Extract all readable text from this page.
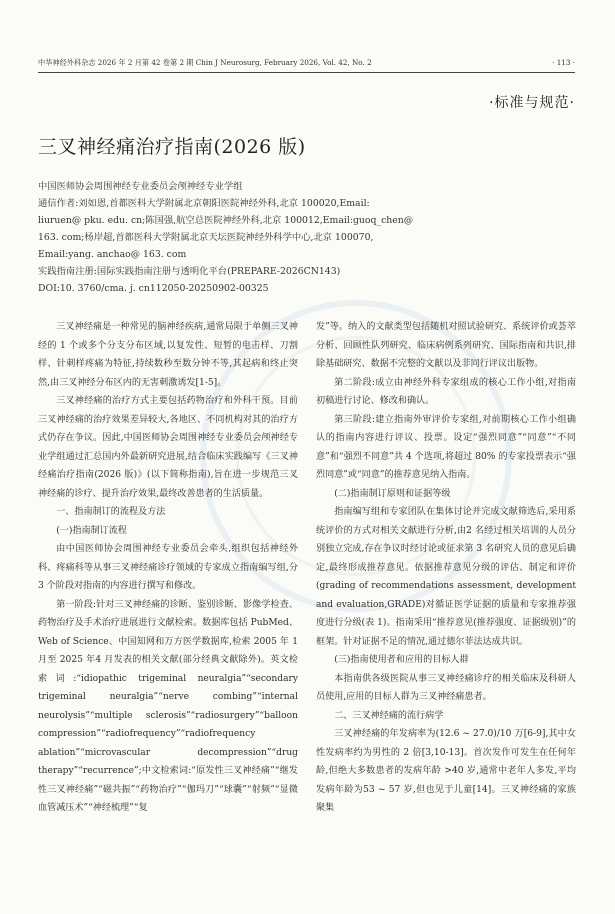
中华神经外科杂志 2026 年 2 月第 42 卷第 2 期 Chin J Neurosurg, February 2026, Vol. 42, No. 2	· 113 ·
·标准与规范·
三叉神经痛治疗指南(2026 版)
中国医师协会周围神经专业委员会颅神经专业学组
通信作者:刘如恩,首都医科大学附属北京朝阳医院神经外科,北京 100020,Email:
liuruen@ pku. edu. cn;陈国强,航空总医院神经外科,北京 100012,Email:guoq_chen@
163. com;杨岸超,首都医科大学附属北京天坛医院神经外科学中心,北京 100070,
Email:yang. anchao@ 163. com
实践指南注册:国际实践指南注册与透明化平台(PREPARE-2026CN143)
DOI:10. 3760/cma. j. cn112050-20250902-00325

三叉神经痛是一种常见的脑神经疾病,通常局限于单侧三叉神经的 1 个或多个分支分布区域,以复发性、短暂的电击样、刀割样、针刺样疼痛为特征,持续数秒至数分钟不等,其起病和终止突然,由三叉神经分布区内的无害刺激诱发[1-5]。

三叉神经痛的治疗方式主要包括药物治疗和外科干预。目前三叉神经痛的治疗效果差异较大,各地区、不同机构对其的治疗方式仍存在争议。因此,中国医师协会周围神经专业委员会颅神经专业学组通过汇总国内外最新研究进展,结合临床实践编写《三叉神经痛治疗指南(2026 版)》(以下简称指南),旨在进一步规范三叉神经痛的诊疗、提升治疗效果,最终改善患者的生活质量。

一、指南制订的流程及方法

(一)指南制订流程

由中国医师协会周围神经专业委员会牵头,组织包括神经外科、疼痛科等从事三叉神经痛诊疗领域的专家成立指南编写组,分 3 个阶段对指南的内容进行撰写和修改。

第一阶段:针对三叉神经痛的诊断、鉴别诊断、影像学检查、药物治疗及手术治疗进展进行文献检索。数据库包括 PubMed、Web of Science、中国知网和万方医学数据库,检索 2005 年 1 月至 2025 年4 月发表的相关文献(部分经典文献除外)。英文检索词:“idiopathic trigeminal neuralgia”“secondary trigeminal neuralgia”“nerve combing”“internal neurolysis”“multiple sclerosis”“radiosurgery”“balloon compression”“radiofrequency”“radiofrequency ablation”“microvascular decompression”“drug therapy”“recurrence”;中文检索词:“原发性三叉神经痛”“继发性三叉神经痛”“磁共振”“药物治疗”“伽玛刀”“球囊”“射频”“显微血管减压术”“神经梳理”“复

发”等。纳入的文献类型包括随机对照试验研究、系统评价或荟萃分析、回顾性队列研究、临床病例系列研究、国际指南和共识,排除基础研究、数据不完整的文献以及非同行评议出版物。

第二阶段:成立由神经外科专家组成的核心工作小组,对指南初稿进行讨论、修改和确认。

第三阶段:建立指南外审评价专家组,对前期核心工作小组确认的指南内容进行评议、投票。设定“强烈同意”“同意”“不同意”和“强烈不同意”共 4 个选项,将超过 80% 的专家投票表示“强烈同意”或“同意”的推荐意见纳入指南。

(二)指南制订原则和证据等级

指南编写组和专家团队在集体讨论并完成文献筛选后,采用系统评价的方式对相关文献进行分析,由2 名经过相关培训的人员分别独立完成,存在争议时经讨论或征求第 3 名研究人员的意见后确定,最终形成推荐意见。依据推荐意见分级的评估、制定和评价(grading of recommendations assessment, development and evaluation,GRADE)对循证医学证据的质量和专家推荐强度进行分级(表 1)。指南采用“推荐意见(推荐强度、证据级别)”的框架。针对证据不足的情况,通过德尔菲法达成共识。

(三)指南使用者和应用的目标人群

本指南供各级医院从事三叉神经痛诊疗的相关临床及科研人员使用,应用的目标人群为三叉神经痛患者。

二、三叉神经痛的流行病学

三叉神经痛的年发病率为(12.6 ~ 27.0)/10 万[6-9],其中女性发病率约为男性的 2 倍[3,10-13]。首次发作可发生在任何年龄,但绝大多数患者的发病年龄 >40 岁,通常中老年人多发,平均发病年龄为53 ~ 57 岁,但也见于儿童[14]。三叉神经痛的家族聚集
